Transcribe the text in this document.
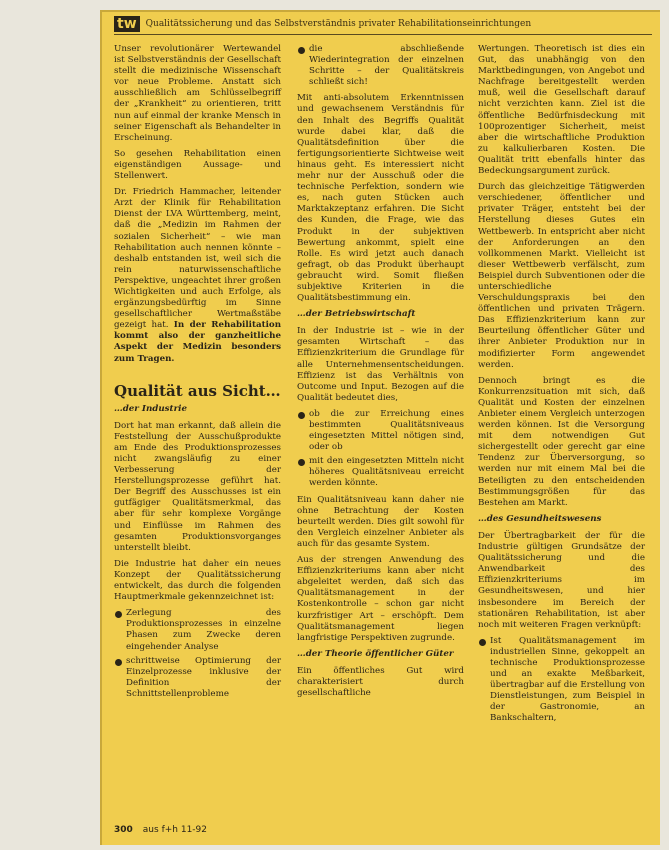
tw	Qualitätssicherung und das Selbstverständnis privater Rehabilitationseinrichtungen

Unser revolutionärer Wertewandel ist Selbstverständnis der Gesellschaft stellt die medizinische Wissenschaft vor neue Probleme. Anstatt sich ausschließlich am Schlüsselbegriff der „Krankheit“ zu orientieren, tritt nun auf einmal der kranke Mensch in seiner Eigenschaft als Behandelter in Erscheinung.

So gesehen Rehabilitation einen eigenständigen Aussage- und Stellenwert.

Dr. Friedrich Hammacher, leitender Arzt der Klinik für Rehabilitation Dienst der LVA Württemberg, meint, daß die „Medizin im Rahmen der sozialen Sicherheit“ – wie man Rehabilitation auch nennen könnte – deshalb entstanden ist, weil sich die rein naturwissenschaftliche Perspektive, ungeachtet ihrer großen Wichtigkeiten und auch Erfolge, als ergänzungsbedürftig im Sinne gesellschaftlicher Wertmaßstäbe gezeigt hat. In der Rehabilitation kommt also der ganzheitliche Aspekt der Medizin besonders zum Tragen.

Qualität aus Sicht…
…der Industrie

Dort hat man erkannt, daß allein die Feststellung der Ausschußprodukte am Ende des Produktionsprozesses nicht zwangsläufig zu einer Verbesserung der Herstellungsprozesse geführt hat. Der Begriff des Ausschusses ist ein gutfägiger Qualitätsmerkmal, das aber für sehr komplexe Vorgänge und Einflüsse im Rahmen des gesamten Produktionsvorganges unterstellt bleibt.

Die Industrie hat daher ein neues Konzept der Qualitätssicherung entwickelt, das durch die folgenden Hauptmerkmale gekennzeichnet ist:

Zerlegung des Produktionsprozesses in einzelne Phasen zum Zwecke deren eingehender Analyse
schrittweise Optimierung der Einzelprozesse inklusive der Definition der Schnittstellenprobleme
die abschließende Wiederintegration der einzelnen Schritte – der Qualitätskreis schließt sich!

Mit anti-absolutem Erkenntnissen und gewachsenem Verständnis für den Inhalt des Begriffs Qualität wurde dabei klar, daß die Qualitätsdefinition über die fertigungsorientierte Sichtweise weit hinaus geht. Es interessiert nicht mehr nur der Ausschuß oder die technische Perfektion, sondern wie es, nach guten Stücken auch Marktakzeptanz erfahren. Die Sicht des Kunden, die Frage, wie das Produkt in der subjektiven Bewertung ankommt, spielt eine Rolle. Es wird jetzt auch danach gefragt, ob das Produkt überhaupt gebraucht wird. Somit fließen subjektive Kriterien in die Qualitätsbestimmung ein.

…der Betriebswirtschaft

In der Industrie ist – wie in der gesamten Wirtschaft – das Effizienzkriterium die Grundlage für alle Unternehmensentscheidungen. Effizienz ist das Verhältnis von Outcome und Input. Bezogen auf die Qualität bedeutet dies,

ob die zur Erreichung eines bestimmten Qualitätsniveaus eingesetzten Mittel nötigen sind, oder ob
mit den eingesetzten Mitteln nicht höheres Qualitätsniveau erreicht werden könnte.

Ein Qualitätsniveau kann daher nie ohne Betrachtung der Kosten beurteilt werden. Dies gilt sowohl für den Vergleich einzelner Anbieter als auch für das gesamte System.

Aus der strengen Anwendung des Effizienzkriteriums kann aber nicht abgeleitet werden, daß sich das Qualitätsmanagement in der Kostenkontrolle – schon gar nicht kurzfristiger Art – erschöpft. Dem Qualitätsmanagement liegen langfristige Perspektiven zugrunde.

…der Theorie öffentlicher Güter

Ein öffentliches Gut wird charakterisiert durch gesellschaftliche

Wertungen. Theoretisch ist dies ein Gut, das unabhängig von den Marktbedingungen, von Angebot und Nachfrage bereitgestellt werden muß, weil die Gesellschaft darauf nicht verzichten kann. Ziel ist die öffentliche Bedürfnisdeckung mit 100prozentiger Sicherheit, meist aber die wirtschaftliche Produktion zu kalkulierbaren Kosten. Die Qualität tritt ebenfalls hinter das Bedeckungsargument zurück.

Durch das gleichzeitige Tätigwerden verschiedener, öffentlicher und privater Träger, entsteht bei der Herstellung dieses Gutes ein Wettbewerb. In entspricht aber nicht der Anforderungen an den vollkommenen Markt. Vielleicht ist dieser Wettbewerb verfälscht, zum Beispiel durch Subventionen oder die unterschiedliche Verschuldungspraxis bei den öffentlichen und privaten Trägern. Das Effizienzkriterium kann zur Beurteilung öffentlicher Güter und ihrer Anbieter Produktion nur in modifizierter Form angewendet werden.

Dennoch bringt es die Konkurrenzsituation mit sich, daß Qualität und Kosten der einzelnen Anbieter einem Vergleich unterzogen werden können. Ist die Versorgung mit dem notwendigen Gut sichergestellt oder gerecht gar eine Tendenz zur Überversorgung, so werden nur mit einem Mal bei die Beteiligten zu den entscheidenden Bestimmungsgrößen für das Bestehen am Markt.

…des Gesundheitswesens

Der Übertragbarkeit der für die Industrie gültigen Grundsätze der Qualitätssicherung und die Anwendbarkeit des Effizienzkriteriums im Gesundheitswesen, und hier insbesondere im Bereich der stationären Rehabilitation, ist aber noch mit weiteren Fragen verknüpft:

Ist Qualitätsmanagement im industriellen Sinne, gekoppelt an technische Produktionsprozesse und an exakte Meßbarkeit, übertragbar auf die Erstellung von Dienstleistungen, zum Beispiel in der Gastronomie, an Bankschaltern,
300 aus f+h 11-92
